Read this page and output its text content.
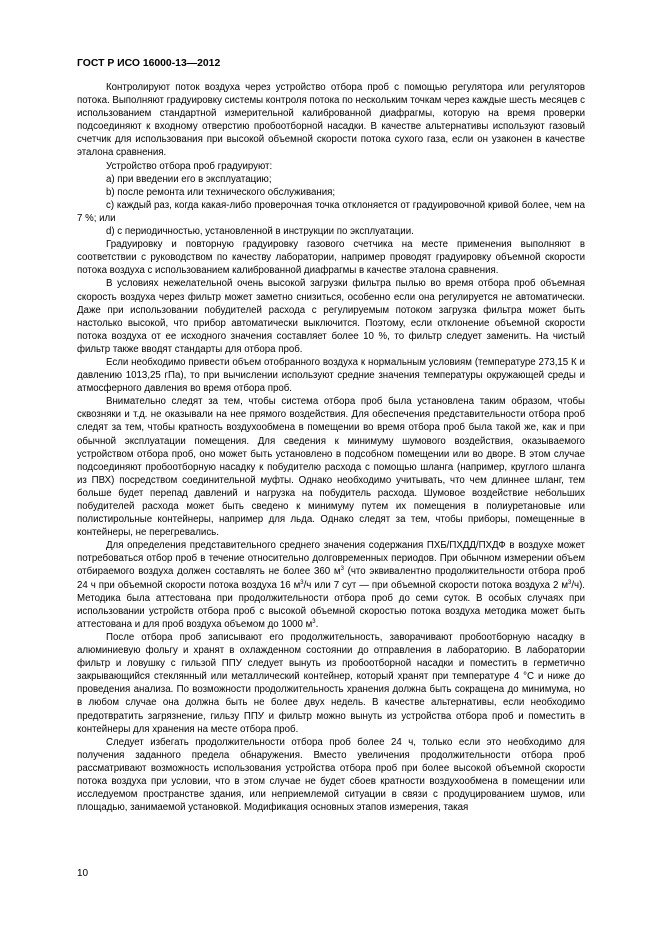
ГОСТ Р ИСО 16000-13—2012

Контролируют поток воздуха через устройство отбора проб с помощью регулятора или регуляторов потока. Выполняют градуировку системы контроля потока по нескольким точкам через каждые шесть месяцев с использованием стандартной измерительной калиброванной диафрагмы, которую на время проверки подсоединяют к входному отверстию пробоотборной насадки. В качестве альтернативы используют газовый счетчик для использования при высокой объемной скорости потока сухого газа, если он узаконен в качестве эталона сравнения.

Устройство отбора проб градуируют:

а) при введении его в эксплуатацию;

b) после ремонта или технического обслуживания;

c) каждый раз, когда какая-либо проверочная точка отклоняется от градуировочной кривой более, чем на 7 %; или

d) с периодичностью, установленной в инструкции по эксплуатации.

Градуировку и повторную градуировку газового счетчика на месте применения выполняют в соответствии с руководством по качеству лаборатории, например проводят градуировку объемной скорости потока воздуха с использованием калиброванной диафрагмы в качестве эталона сравнения.

В условиях нежелательной очень высокой загрузки фильтра пылью во время отбора проб объемная скорость воздуха через фильтр может заметно снизиться, особенно если она регулируется не автоматически. Даже при использовании побудителей расхода с регулируемым потоком загрузка фильтра может быть настолько высокой, что прибор автоматически выключится. Поэтому, если отклонение объемной скорости потока воздуха от ее исходного значения составляет более 10 %, то фильтр следует заменить. На чистый фильтр также вводят стандарты для отбора проб.

Если необходимо привести объем отобранного воздуха к нормальным условиям (температуре 273,15 К и давлению 1013,25 гПа), то при вычислении используют средние значения температуры окружающей среды и атмосферного давления во время отбора проб.

Внимательно следят за тем, чтобы система отбора проб была установлена таким образом, чтобы сквозняки и т.д. не оказывали на нее прямого воздействия. Для обеспечения представительности отбора проб следят за тем, чтобы кратность воздухообмена в помещении во время отбора проб была такой же, как и при обычной эксплуатации помещения. Для сведения к минимуму шумового воздействия, оказываемого устройством отбора проб, оно может быть установлено в подсобном помещении или во дворе. В этом случае подсоединяют пробоотборную насадку к побудителю расхода с помощью шланга (например, круглого шланга из ПВХ) посредством соединительной муфты. Однако необходимо учитывать, что чем длиннее шланг, тем больше будет перепад давлений и нагрузка на побудитель расхода. Шумовое воздействие небольших побудителей расхода может быть сведено к минимуму путем их помещения в полиуретановые или полистирольные контейнеры, например для льда. Однако следят за тем, чтобы приборы, помещенные в контейнеры, не перегревались.

Для определения представительного среднего значения содержания ПХБ/ПХДД/ПХДФ в воздухе может потребоваться отбор проб в течение относительно долговременных периодов. При обычном измерении объем отбираемого воздуха должен составлять не более 360 $м^3$ (что эквивалентно продолжительности отбора проб 24 ч при объемной скорости потока воздуха 16 $м^3/ч$ или 7 сут — при объемной скорости потока воздуха 2 $м^3/ч$). Методика была аттестована при продолжительности отбора проб до семи суток. В особых случаях при использовании устройств отбора проб с высокой объемной скоростью потока воздуха методика может быть аттестована и для проб воздуха объемом до 1000 $м^3$.

После отбора проб записывают его продолжительность, заворачивают пробоотборную насадку в алюминиевую фольгу и хранят в охлажденном состоянии до отправления в лабораторию. В лаборатории фильтр и ловушку с гильзой ППУ следует вынуть из пробоотборной насадки и поместить в герметично закрывающийся стеклянный или металлический контейнер, который хранят при температуре 4 °С и ниже до проведения анализа. По возможности продолжительность хранения должна быть сокращена до минимума, но в любом случае она должна быть не более двух недель. В качестве альтернативы, если необходимо предотвратить загрязнение, гильзу ППУ и фильтр можно вынуть из устройства отбора проб и поместить в контейнеры для хранения на месте отбора проб.

Следует избегать продолжительности отбора проб более 24 ч, только если это необходимо для получения заданного предела обнаружения. Вместо увеличения продолжительности отбора проб рассматривают возможность использования устройства отбора проб при более высокой объемной скорости потока воздуха при условии, что в этом случае не будет сбоев кратности воздухообмена в помещении или исследуемом пространстве здания, или неприемлемой ситуации в связи с продуцированием шумов, или площадью, занимаемой установкой. Модификация основных этапов измерения, такая

10
